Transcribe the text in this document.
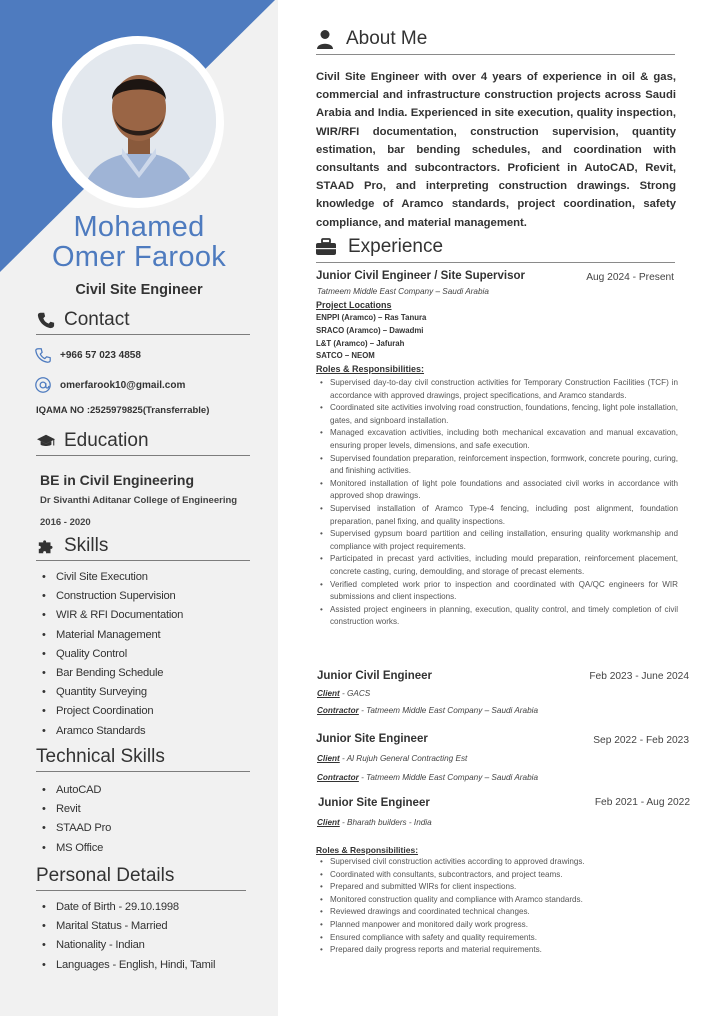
Mohamed
Omer Farook
Civil Site Engineer
Contact
+966 57 023 4858
omerfarook10@gmail.com
IQAMA NO :2525979825(Transferrable)
Education
BE in Civil Engineering
Dr Sivanthi Aditanar College of Engineering
2016 - 2020
Skills
• Civil Site Execution
• Construction Supervision
• WIR & RFI Documentation
• Material Management
• Quality Control
• Bar Bending Schedule
• Quantity Surveying
• Project Coordination
• Aramco Standards
Technical Skills
• AutoCAD
• Revit
• STAAD Pro
• MS Office
Personal Details
• Date of Birth - 29.10.1998
• Marital Status - Married
• Nationality - Indian
• Languages - English, Hindi, Tamil
About Me
Civil Site Engineer with over 4 years of experience in oil & gas, commercial and infrastructure construction projects across Saudi Arabia and India. Experienced in site execution, quality inspection, WIR/RFI documentation, construction supervision, quantity estimation, bar bending schedules, and coordination with consultants and subcontractors. Proficient in AutoCAD, Revit, STAAD Pro, and interpreting construction drawings. Strong knowledge of Aramco standards, project coordination, safety compliance, and material management.
Experience
Junior Civil Engineer / Site Supervisor	Aug 2024 - Present
Tatmeem Middle East Company – Saudi Arabia
Project Locations
ENPPI (Aramco) – Ras Tanura
SRACO (Aramco) – Dawadmi
L&T (Aramco) – Jafurah
SATCO – NEOM
Roles & Responsibilities:
• Supervised day-to-day civil construction activities for Temporary Construction Facilities (TCF) in accordance with approved drawings, project specifications, and Aramco standards.
• Coordinated site activities involving road construction, foundations, fencing, light pole installation, gates, and signboard installation.
• Managed excavation activities, including both mechanical excavation and manual excavation, ensuring proper levels, dimensions, and safe execution.
• Supervised foundation preparation, reinforcement inspection, formwork, concrete pouring, curing, and finishing activities.
• Monitored installation of light pole foundations and associated civil works in accordance with approved shop drawings.
• Supervised installation of Aramco Type-4 fencing, including post alignment, foundation preparation, panel fixing, and quality inspections.
• Supervised gypsum board partition and ceiling installation, ensuring quality workmanship and compliance with project requirements.
• Participated in precast yard activities, including mould preparation, reinforcement placement, concrete casting, curing, demoulding, and storage of precast elements.
• Verified completed work prior to inspection and coordinated with QA/QC engineers for WIR submissions and client inspections.
• Assisted project engineers in planning, execution, quality control, and timely completion of civil construction works.
Junior Civil Engineer	Feb 2023 - June 2024
Client - GACS
Contractor - Tatmeem Middle East Company – Saudi Arabia
Junior Site Engineer	Sep 2022 - Feb 2023
Client - Al Rujuh General Contracting Est
Contractor - Tatmeem Middle East Company – Saudi Arabia
Junior Site Engineer	Feb 2021 - Aug 2022
Client - Bharath builders - India
Roles & Responsibilities:
• Supervised civil construction activities according to approved drawings.
• Coordinated with consultants, subcontractors, and project teams.
• Prepared and submitted WIRs for client inspections.
• Monitored construction quality and compliance with Aramco standards.
• Reviewed drawings and coordinated technical changes.
• Planned manpower and monitored daily work progress.
• Ensured compliance with safety and quality requirements.
• Prepared daily progress reports and material requirements.
